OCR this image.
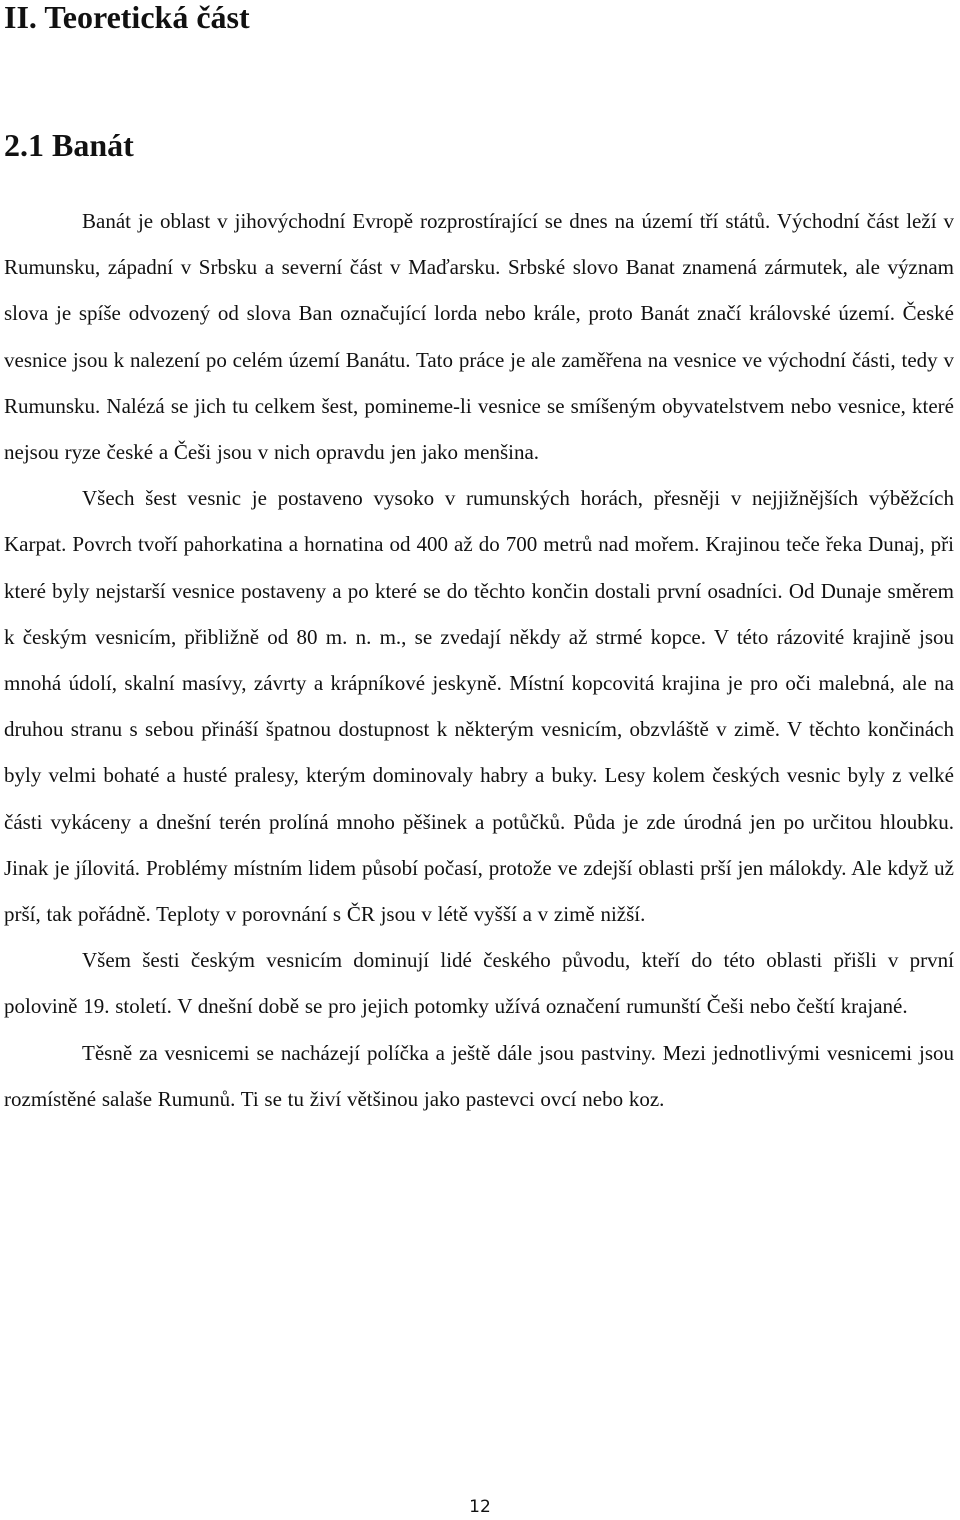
II. Teoretická část
2.1 Banát

Banát je oblast v jihovýchodní Evropě rozprostírající se dnes na území tří států. Východní část leží v Rumunsku, západní v Srbsku a severní část v Maďarsku. Srbské slovo Banat znamená zármutek, ale význam slova je spíše odvozený od slova Ban označující lorda nebo krále, proto Banát značí královské území. České vesnice jsou k nalezení po celém území Banátu. Tato práce je ale zaměřena na vesnice ve východní části, tedy v Rumunsku. Nalézá se jich tu celkem šest, pomineme-li vesnice se smíšeným obyvatelstvem nebo vesnice, které nejsou ryze české a Češi jsou v nich opravdu jen jako menšina.

Všech šest vesnic je postaveno vysoko v rumunských horách, přesněji v nejjižnějších výběžcích Karpat. Povrch tvoří pahorkatina a hornatina od 400 až do 700 metrů nad mořem. Krajinou teče řeka Dunaj, při které byly nejstarší vesnice postaveny a po které se do těchto končin dostali první osadníci. Od Dunaje směrem k českým vesnicím, přibližně od 80 m. n. m., se zvedají někdy až strmé kopce. V této rázovité krajině jsou mnohá údolí, skalní masívy, závrty a krápníkové jeskyně. Místní kopcovitá krajina je pro oči malebná, ale na druhou stranu s sebou přináší špatnou dostupnost k některým vesnicím, obzvláště v zimě. V těchto končinách byly velmi bohaté a husté pralesy, kterým dominovaly habry a buky. Lesy kolem českých vesnic byly z velké části vykáceny a dnešní terén prolíná mnoho pěšinek a potůčků. Půda je zde úrodná jen po určitou hloubku. Jinak je jílovitá. Problémy místním lidem působí počasí, protože ve zdejší oblasti prší jen málokdy. Ale když už prší, tak pořádně. Teploty v porovnání s ČR jsou v létě vyšší a v zimě nižší.

Všem šesti českým vesnicím dominují lidé českého původu, kteří do této oblasti přišli v první polovině 19. století. V dnešní době se pro jejich potomky užívá označení rumunští Češi nebo čeští krajané.

Těsně za vesnicemi se nacházejí políčka a ještě dále jsou pastviny. Mezi jednotlivými vesnicemi jsou rozmístěné salaše Rumunů. Ti se tu živí většinou jako pastevci ovcí nebo koz.

12
